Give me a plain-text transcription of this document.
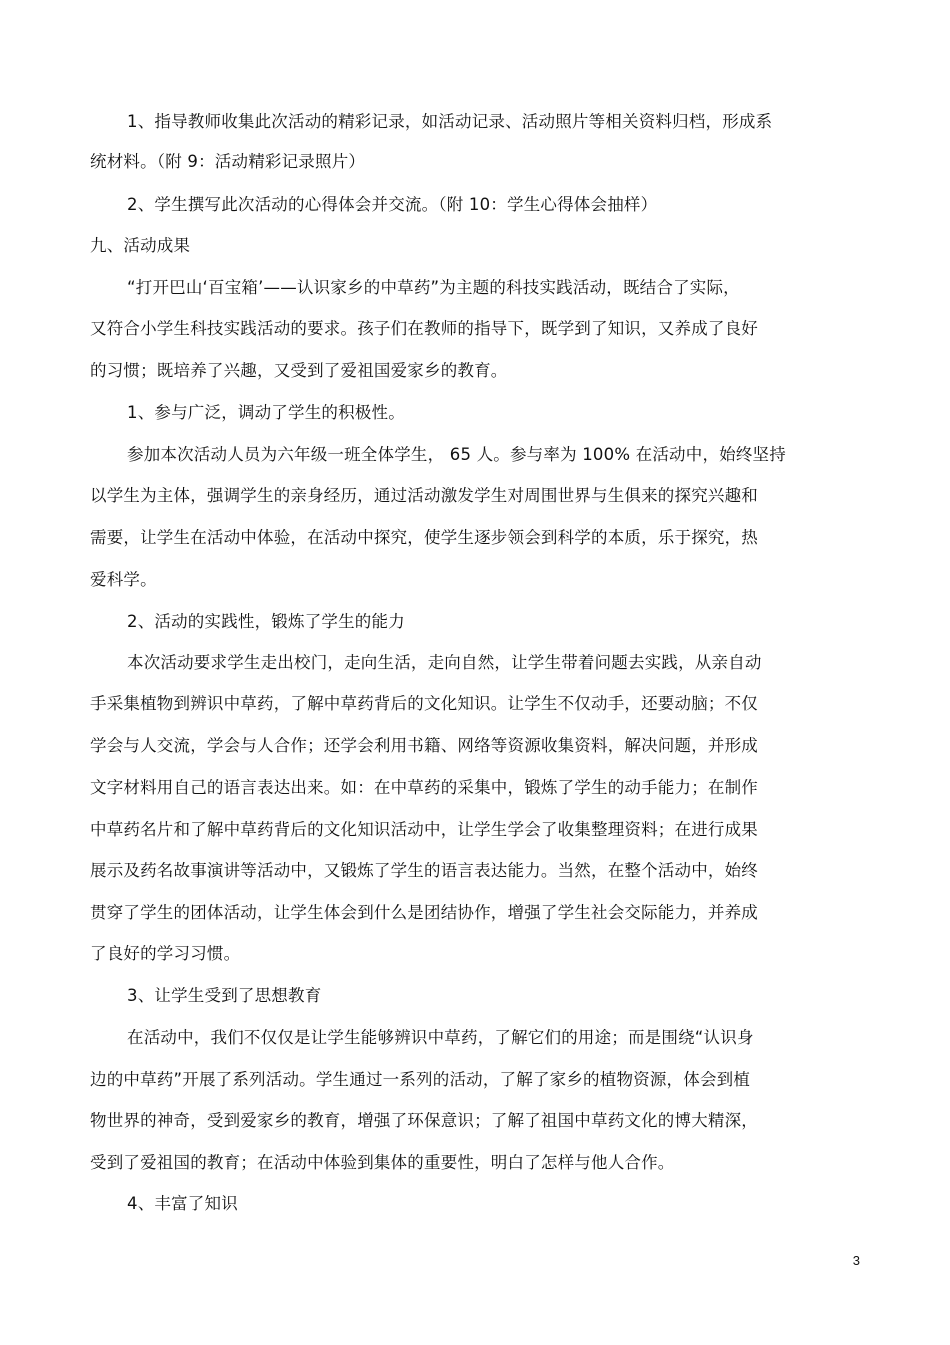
1、指导教师收集此次活动的精彩记录，如活动记录、活动照片等相关资料归档，形成系
统材料。（附 9：活动精彩记录照片）
2、学生撰写此次活动的心得体会并交流。（附 10：学生心得体会抽样）
九、活动成果
“打开巴山‘百宝箱’——认识家乡的中草药”为主题的科技实践活动，既结合了实际，
又符合小学生科技实践活动的要求。孩子们在教师的指导下，既学到了知识，又养成了良好
的习惯；既培养了兴趣，又受到了爱祖国爱家乡的教育。
1、参与广泛，调动了学生的积极性。
参加本次活动人员为六年级一班全体学生， 65 人。参与率为 100% 在活动中，始终坚持
以学生为主体，强调学生的亲身经历，通过活动激发学生对周围世界与生俱来的探究兴趣和
需要，让学生在活动中体验，在活动中探究，使学生逐步领会到科学的本质，乐于探究，热
爱科学。
2、活动的实践性，锻炼了学生的能力
本次活动要求学生走出校门，走向生活，走向自然，让学生带着问题去实践，从亲自动
手采集植物到辨识中草药，了解中草药背后的文化知识。让学生不仅动手，还要动脑；不仅
学会与人交流，学会与人合作；还学会利用书籍、网络等资源收集资料，解决问题，并形成
文字材料用自己的语言表达出来。如：在中草药的采集中，锻炼了学生的动手能力；在制作
中草药名片和了解中草药背后的文化知识活动中，让学生学会了收集整理资料；在进行成果
展示及药名故事演讲等活动中，又锻炼了学生的语言表达能力。当然，在整个活动中，始终
贯穿了学生的团体活动，让学生体会到什么是团结协作，增强了学生社会交际能力，并养成
了良好的学习习惯。
3、让学生受到了思想教育
在活动中，我们不仅仅是让学生能够辨识中草药，了解它们的用途；而是围绕“认识身
边的中草药”开展了系列活动。学生通过一系列的活动，了解了家乡的植物资源，体会到植
物世界的神奇，受到爱家乡的教育，增强了环保意识；了解了祖国中草药文化的博大精深，
受到了爱祖国的教育；在活动中体验到集体的重要性，明白了怎样与他人合作。
4、丰富了知识
3
